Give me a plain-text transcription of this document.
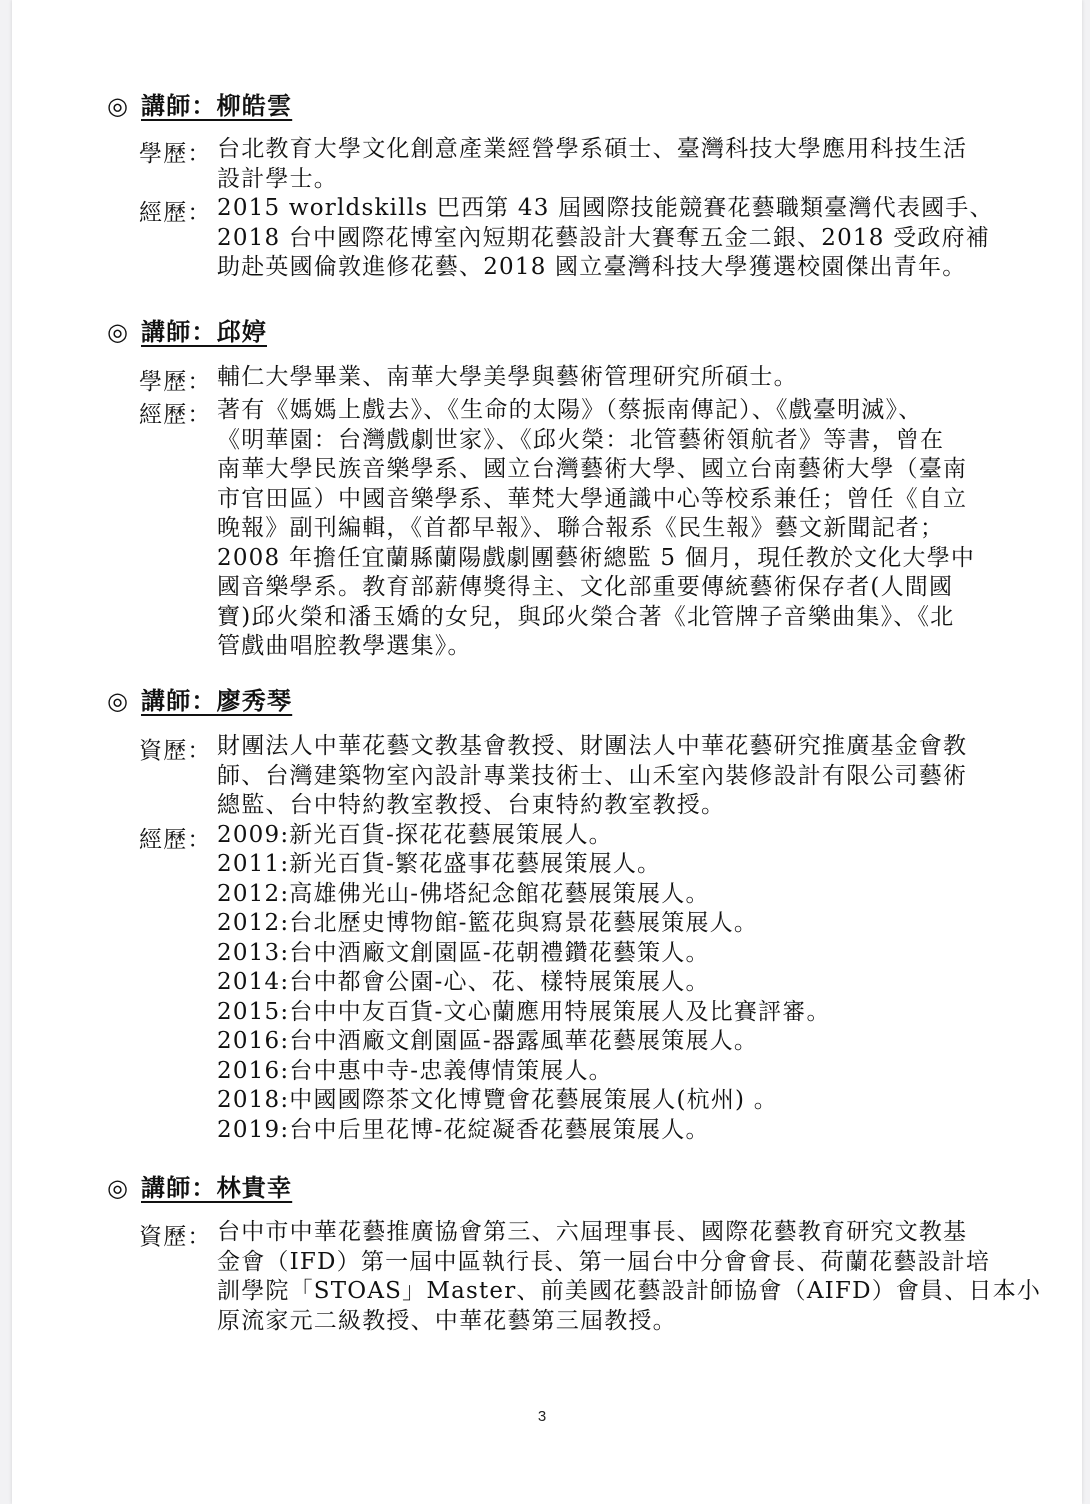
◎ 講師：柳皓雲
學歷： 台北教育大學文化創意產業經營學系碩士、臺灣科技大學應用科技生活
設計學士。
經歷： 2015 worldskills 巴西第 43 屆國際技能競賽花藝職類臺灣代表國手、
2018 台中國際花博室內短期花藝設計大賽奪五金二銀、2018 受政府補
助赴英國倫敦進修花藝、2018 國立臺灣科技大學獲選校園傑出青年。
◎ 講師：邱婷
學歷： 輔仁大學畢業、南華大學美學與藝術管理研究所碩士。
經歷： 著有《媽媽上戲去》、《生命的太陽》（蔡振南傳記）、《戲臺明滅》、
《明華園：台灣戲劇世家》、《邱火榮：北管藝術領航者》等書，曾在
南華大學民族音樂學系、國立台灣藝術大學、國立台南藝術大學（臺南
市官田區）中國音樂學系、華梵大學通識中心等校系兼任；曾任《自立
晚報》副刊編輯，《首都早報》、聯合報系《民生報》藝文新聞記者；
2008 年擔任宜蘭縣蘭陽戲劇團藝術總監 5 個月，現任教於文化大學中
國音樂學系。教育部薪傳獎得主、文化部重要傳統藝術保存者(人間國
寶)邱火榮和潘玉嬌的女兒，與邱火榮合著《北管牌子音樂曲集》、《北
管戲曲唱腔教學選集》。
◎ 講師：廖秀琴
資歷： 財團法人中華花藝文教基會教授、財團法人中華花藝研究推廣基金會教
師、台灣建築物室內設計專業技術士、山禾室內裝修設計有限公司藝術
總監、台中特約教室教授、台東特約教室教授。
經歷： 2009:新光百貨-探花花藝展策展人。
2011:新光百貨-繁花盛事花藝展策展人。
2012:高雄佛光山-佛塔紀念館花藝展策展人。
2012:台北歷史博物館-籃花與寫景花藝展策展人。
2013:台中酒廠文創園區-花朝禮鑽花藝策人。
2014:台中都會公園-心、花、樣特展策展人。
2015:台中中友百貨-文心蘭應用特展策展人及比賽評審。
2016:台中酒廠文創園區-器露風華花藝展策展人。
2016:台中惠中寺-忠義傳情策展人。
2018:中國國際茶文化博覽會花藝展策展人(杭州) 。
2019:台中后里花博-花綻凝香花藝展策展人。
◎ 講師：林貴幸
資歷： 台中市中華花藝推廣協會第三、六屆理事長、國際花藝教育研究文教基
金會（IFD）第一屆中區執行長、第一屆台中分會會長、荷蘭花藝設計培
訓學院「STOAS」Master、前美國花藝設計師協會（AIFD）會員、日本小
原流家元二級教授、中華花藝第三屆教授。
3
